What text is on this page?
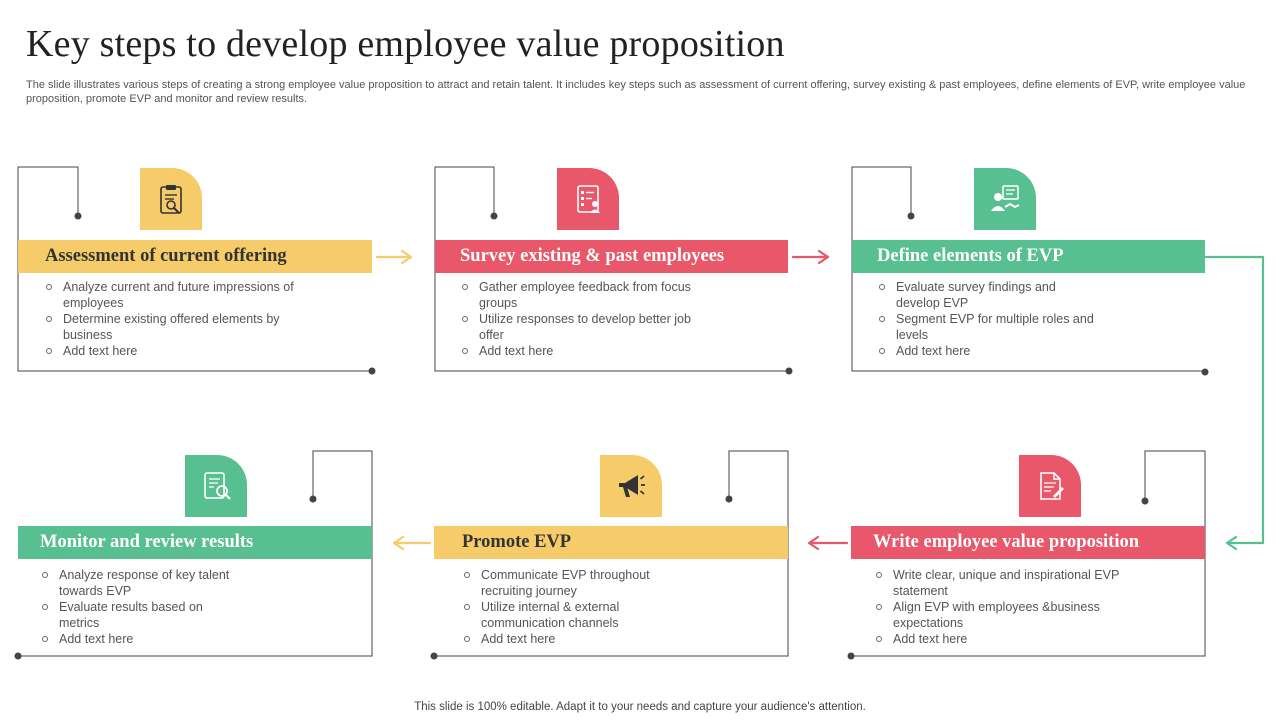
Key steps to develop employee value proposition

The slide illustrates various steps of creating a strong employee value proposition to attract and retain talent. It includes key steps such as assessment of current offering, survey existing & past employees, define elements of EVP, write employee value proposition, promote EVP and monitor and review results.

Assessment of current offering
Analyze current and future impressions of employees
Determine existing offered elements by business
Add text here
Survey existing & past employees
Gather employee feedback from focus groups
Utilize responses to develop better job offer
Add text here
Define elements of EVP
Evaluate survey findings and develop EVP
Segment EVP for multiple roles and levels
Add text here
Write employee value proposition
Write clear, unique and inspirational EVP statement
Align EVP with employees &business expectations
Add text here
Promote EVP
Communicate EVP throughout recruiting journey
Utilize internal & external communication channels
Add text here
Monitor and review results
Analyze response of key talent towards EVP
Evaluate results based on metrics
Add text here
This slide is 100% editable. Adapt it to your needs and capture your audience's attention.
